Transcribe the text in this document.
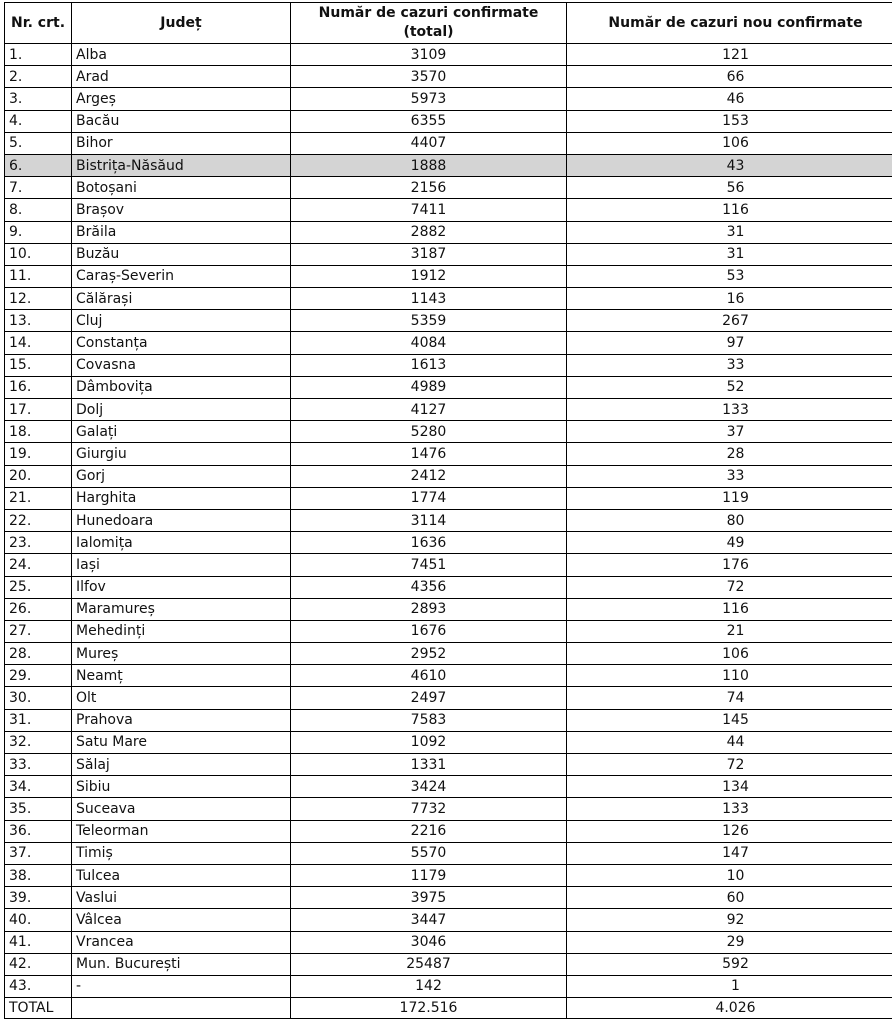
Nr. crt.	Județ	Număr de cazuri confirmate (total)	Număr de cazuri nou confirmate
1.	Alba	3109	121
2.	Arad	3570	66
3.	Argeș	5973	46
4.	Bacău	6355	153
5.	Bihor	4407	106
6.	Bistrița-Năsăud	1888	43
7.	Botoșani	2156	56
8.	Brașov	7411	116
9.	Brăila	2882	31
10.	Buzău	3187	31
11.	Caraș-Severin	1912	53
12.	Călărași	1143	16
13.	Cluj	5359	267
14.	Constanța	4084	97
15.	Covasna	1613	33
16.	Dâmbovița	4989	52
17.	Dolj	4127	133
18.	Galați	5280	37
19.	Giurgiu	1476	28
20.	Gorj	2412	33
21.	Harghita	1774	119
22.	Hunedoara	3114	80
23.	Ialomița	1636	49
24.	Iași	7451	176
25.	Ilfov	4356	72
26.	Maramureș	2893	116
27.	Mehedinți	1676	21
28.	Mureș	2952	106
29.	Neamț	4610	110
30.	Olt	2497	74
31.	Prahova	7583	145
32.	Satu Mare	1092	44
33.	Sălaj	1331	72
34.	Sibiu	3424	134
35.	Suceava	7732	133
36.	Teleorman	2216	126
37.	Timiș	5570	147
38.	Tulcea	1179	10
39.	Vaslui	3975	60
40.	Vâlcea	3447	92
41.	Vrancea	3046	29
42.	Mun. București	25487	592
43.	-	142	1
TOTAL		172.516	4.026
